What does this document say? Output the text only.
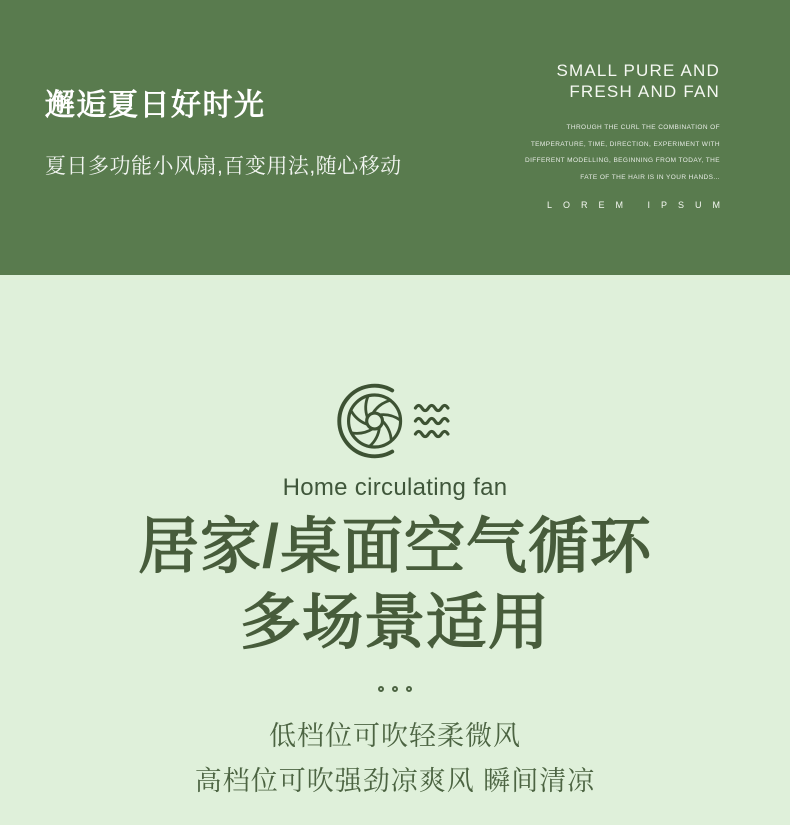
邂逅夏日好时光
夏日多功能小风扇,百变用法,随心移动
SMALL PURE AND
FRESH AND FAN
THROUGH THE CURL THE COMBINATION OF
TEMPERATURE, TIME, DIRECTION, EXPERIMENT WITH
DIFFERENT MODELLING, BEGINNING FROM TODAY, THE
FATE OF THE HAIR IS IN YOUR HANDS...
LOREM IPSUM
Home circulating fan
居家/桌面空气循环
多场景适用
低档位可吹轻柔微风
高档位可吹强劲凉爽风 瞬间清凉
